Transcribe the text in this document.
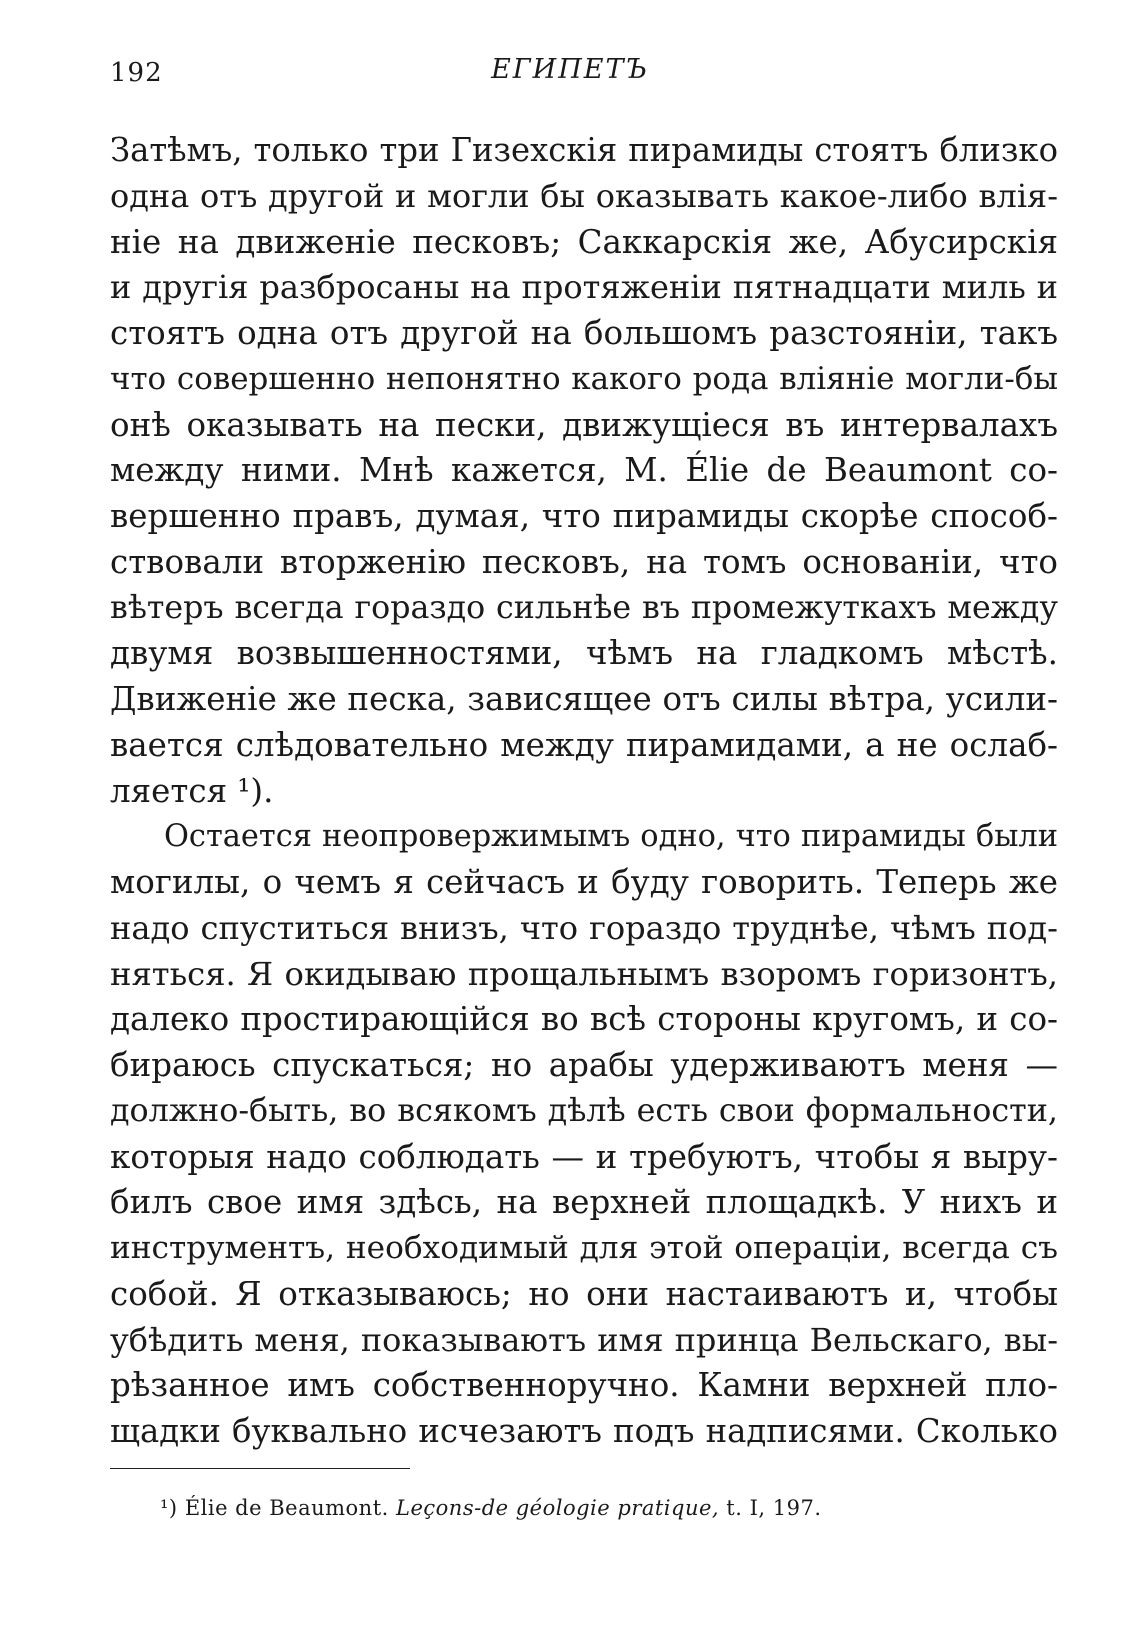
192	ЕГИПЕТЪ
Затѣмъ, только три Гизехскія пирамиды стоятъ близко
одна отъ другой и могли бы оказывать какое-либо влія-
ніе на движеніе песковъ; Саккарскія же, Абусирскія
и другія разбросаны на протяженіи пятнадцати миль и
стоятъ одна отъ другой на большомъ разстояніи, такъ
что совершенно непонятно какого рода вліяніе могли-бы
онѣ оказывать на пески, движущіеся въ интервалахъ
между ними. Мнѣ кажется, M. Élie de Beaumont со-
вершенно правъ, думая, что пирамиды скорѣе способ-
ствовали вторженію песковъ, на томъ основаніи, что
вѣтеръ всегда гораздо сильнѣе въ промежуткахъ между
двумя возвышенностями, чѣмъ на гладкомъ мѣстѣ.
Движеніе же песка, зависящее отъ силы вѣтра, усили-
вается слѣдовательно между пирамидами, а не ослаб-
ляется ¹).
Остается неопровержимымъ одно, что пирамиды были
могилы, о чемъ я сейчасъ и буду говорить. Теперь же
надо спуститься внизъ, что гораздо труднѣе, чѣмъ под-
няться. Я окидываю прощальнымъ взоромъ горизонтъ,
далеко простирающійся во всѣ стороны кругомъ, и со-
бираюсь спускаться; но арабы удерживаютъ меня —
должно-быть, во всякомъ дѣлѣ есть свои формальности,
которыя надо соблюдать — и требуютъ, чтобы я выру-
билъ свое имя здѣсь, на верхней площадкѣ. У нихъ и
инструментъ, необходимый для этой операціи, всегда съ
собой. Я отказываюсь; но они настаиваютъ и, чтобы
убѣдить меня, показываютъ имя принца Вельскаго, вы-
рѣзанное имъ собственноручно. Камни верхней пло-
щадки буквально исчезаютъ подъ надписями. Сколько
¹) Élie de Beaumont. Leçons-de géologie pratique, t. I, 197.
